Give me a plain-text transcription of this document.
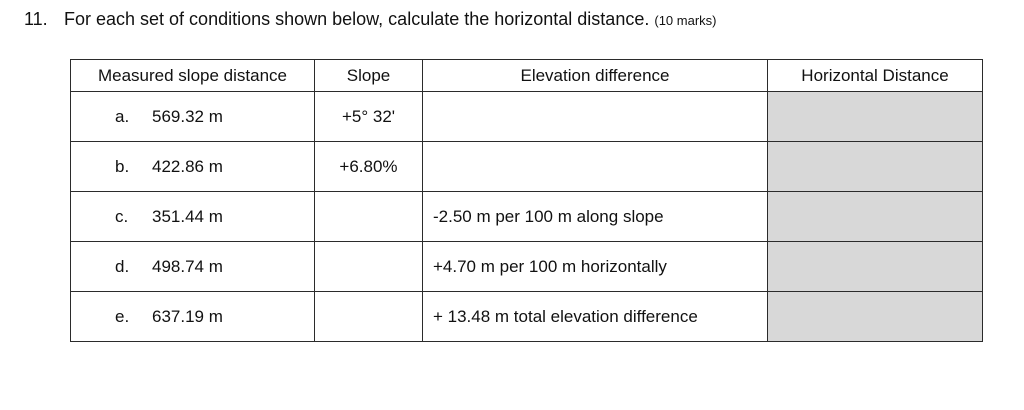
11. For each set of conditions shown below, calculate the horizontal distance. (10 marks)
Measured slope distance	Slope	Elevation difference	Horizontal Distance
a. 569.32 m	+5° 32'		
b. 422.86 m	+6.80%		
c. 351.44 m		-2.50 m per 100 m along slope	
d. 498.74 m		+4.70 m per 100 m horizontally	
e. 637.19 m		+ 13.48 m total elevation difference	
